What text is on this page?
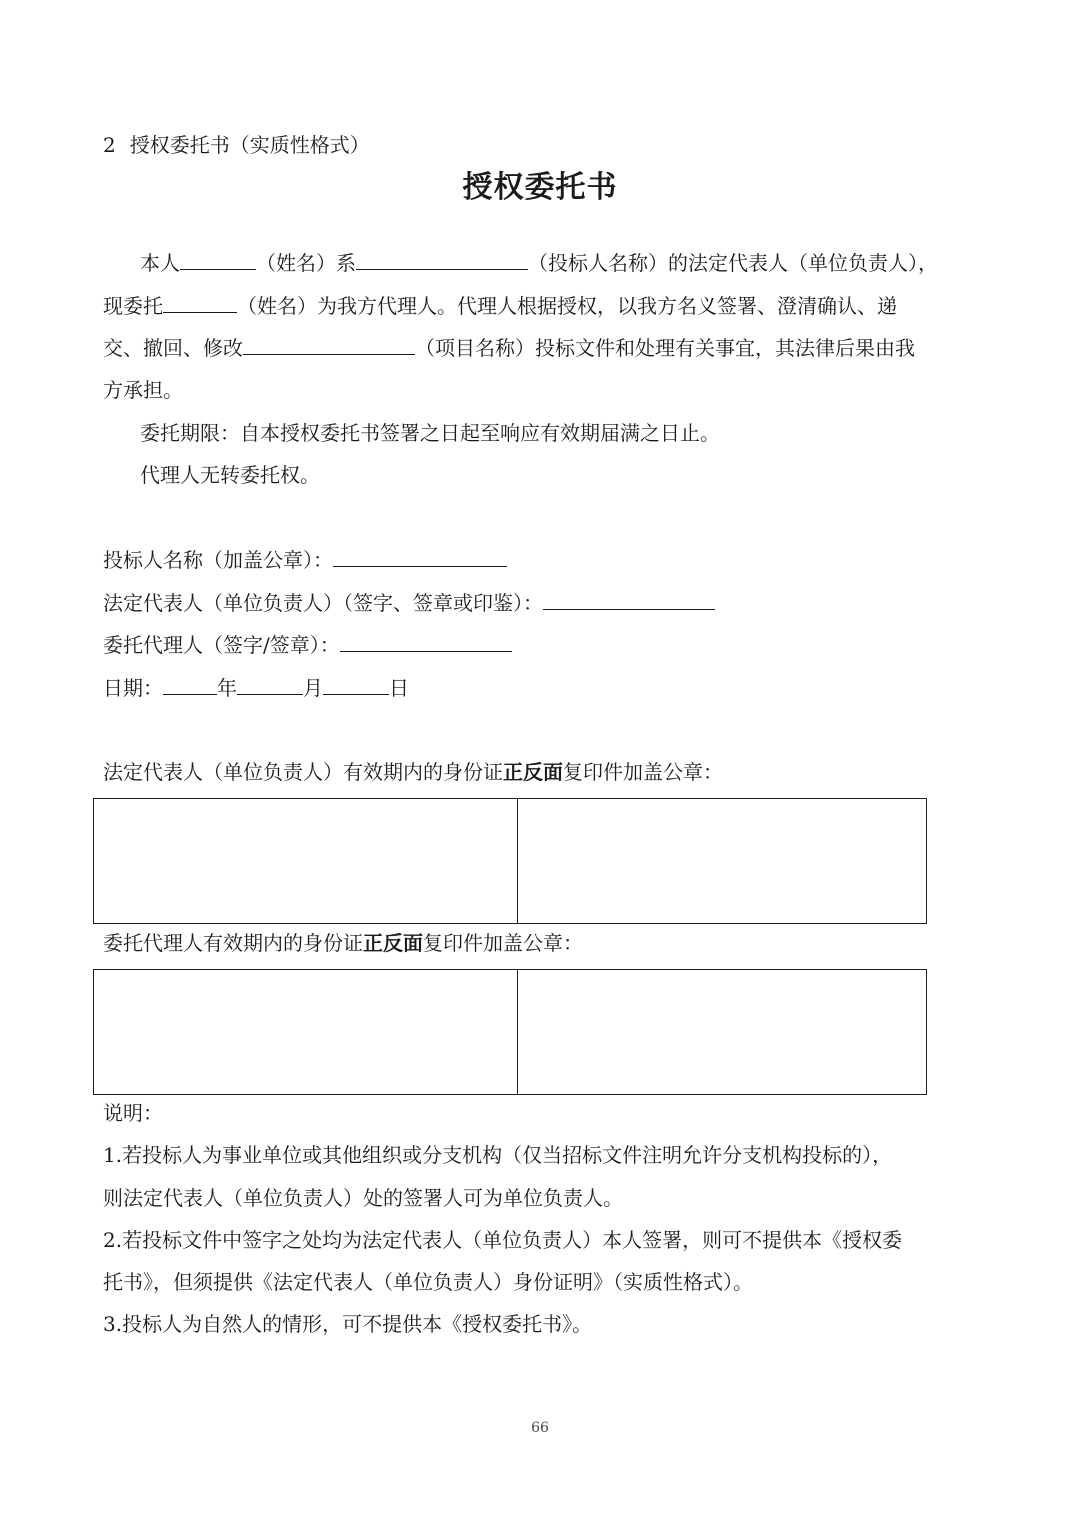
2 授权委托书（实质性格式）
授权委托书
本人	（姓名）系	（投标人名称）的法定代表人（单位负责人），
现委托	（姓名）为我方代理人。代理人根据授权，以我方名义签署、澄清确认、递
交、撤回、修改	（项目名称）投标文件和处理有关事宜，其法律后果由我
方承担。
委托期限：自本授权委托书签署之日起至响应有效期届满之日止。
代理人无转委托权。
投标人名称（加盖公章）：
法定代表人（单位负责人）（签字、签章或印鉴）：
委托代理人（签字/签章）：
日期：	年	月	日
法定代表人（单位负责人）有效期内的身份证正反面复印件加盖公章：
委托代理人有效期内的身份证正反面复印件加盖公章：
说明：
1.若投标人为事业单位或其他组织或分支机构（仅当招标文件注明允许分支机构投标的），
则法定代表人（单位负责人）处的签署人可为单位负责人。
2.若投标文件中签字之处均为法定代表人（单位负责人）本人签署，则可不提供本《授权委
托书》，但须提供《法定代表人（单位负责人）身份证明》（实质性格式）。
3.投标人为自然人的情形，可不提供本《授权委托书》。
66
